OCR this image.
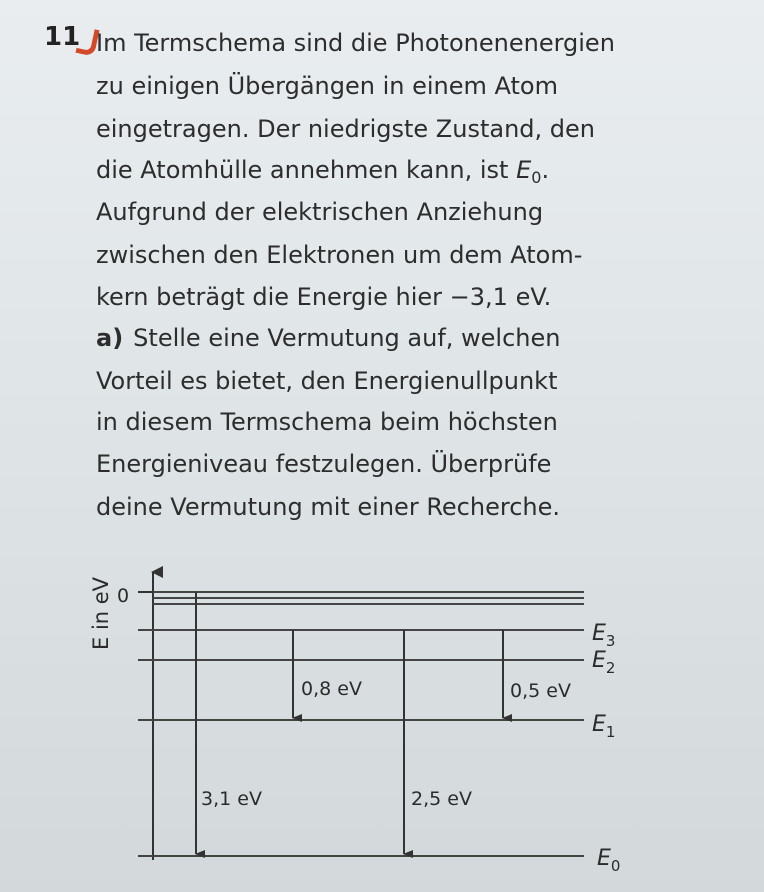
11 Im Termschema sind die Photonenenergien
zu einigen Übergängen in einem Atom
eingetragen. Der niedrigste Zustand, den
die Atomhülle annehmen kann, ist $E_0$.
Aufgrund der elektrischen Anziehung
zwischen den Elektronen um dem Atom-
kern beträgt die Energie hier −3,1 eV.
a) Stelle eine Vermutung auf, welchen
Vorteil es bietet, den Energienullpunkt
in diesem Termschema beim höchsten
Energieniveau festzulegen. Überprüfe
deine Vermutung mit einer Recherche.
E in eV 0
$E_3$
$E_2$
$E_1$
$E_0$
0,8 eV	0,5 eV
3,1 eV	2,5 eV
